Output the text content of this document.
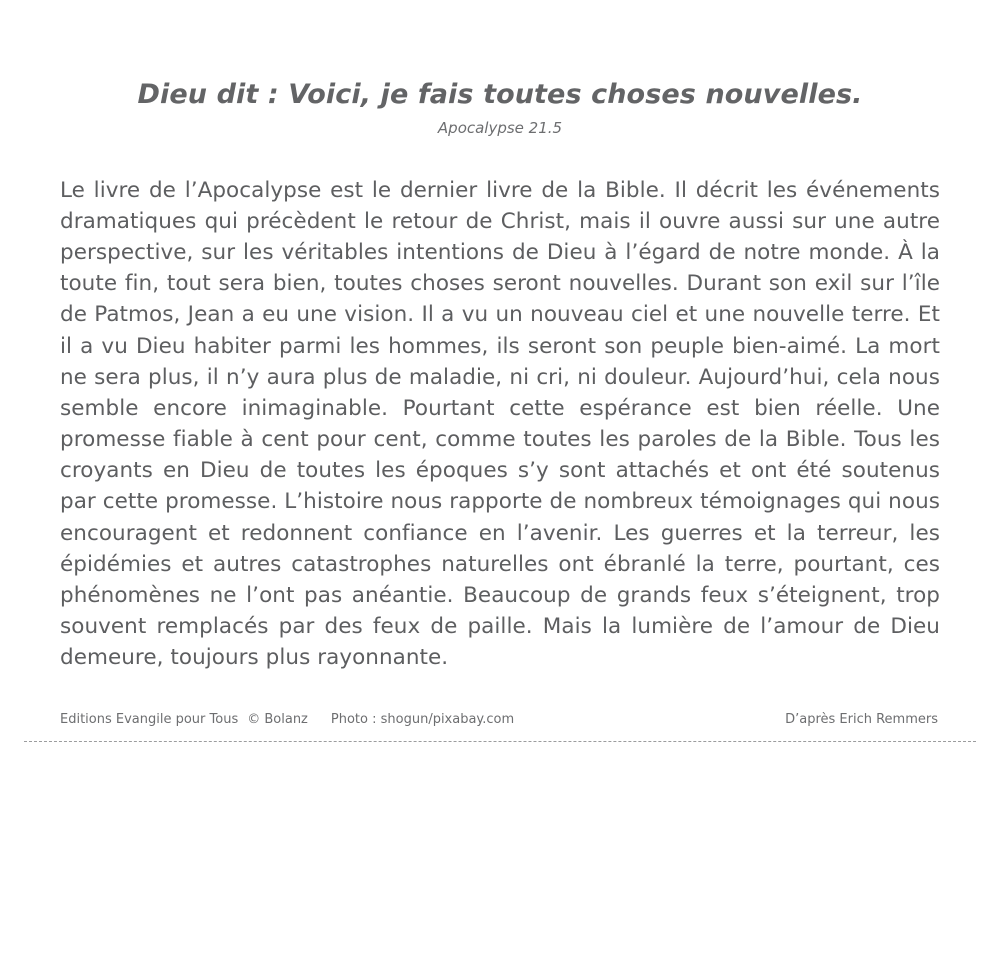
Dieu dit : Voici, je fais toutes choses nouvelles.
Apocalypse 21.5

Le livre de l’Apocalypse est le dernier livre de la Bible. Il décrit les événements dramatiques qui précèdent le retour de Christ, mais il ouvre aussi sur une autre perspective, sur les véritables intentions de Dieu à l’égard de notre monde. À la toute fin, tout sera bien, toutes choses seront nouvelles. Durant son exil sur l’île de Patmos, Jean a eu une vision. Il a vu un nouveau ciel et une nouvelle terre. Et il a vu Dieu habiter parmi les hommes, ils seront son peuple bien-aimé. La mort ne sera plus, il n’y aura plus de maladie, ni cri, ni douleur. Aujourd’hui, cela nous semble encore inimaginable. Pourtant cette espérance est bien réelle. Une promesse fiable à cent pour cent, comme toutes les paroles de la Bible. Tous les croyants en Dieu de toutes les époques s’y sont attachés et ont été soutenus par cette promesse. L’histoire nous rapporte de nombreux témoignages qui nous encouragent et redonnent confiance en l’avenir. Les guerres et la terreur, les épidémies et autres catastrophes naturelles ont ébranlé la terre, pourtant, ces phénomènes ne l’ont pas anéantie. Beaucoup de grands feux s’éteignent, trop souvent remplacés par des feux de paille. Mais la lumière de l’amour de Dieu demeure, toujours plus rayonnante.

Editions Evangile pour Tous © Bolanz Photo : shogun/pixabay.com	D’après Erich Remmers
